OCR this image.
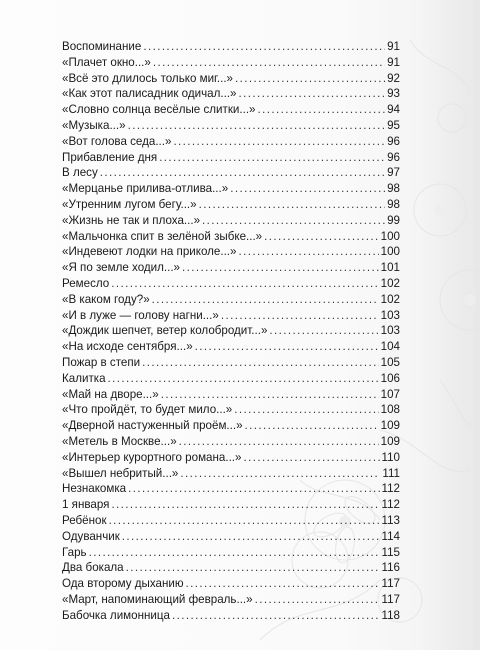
Воспоминание .....	91
«Плачет окно...» .....	91
«Всё это длилось только миг...» .....	92
«Как этот палисадник одичал...» .....	93
«Словно солнца весёлые слитки...» .....	94
«Музыка...» .....	95
«Вот голова седа...» .....	96
Прибавление дня .....	96
В лесу .....	97
«Мерцанье прилива-отлива...» .....	98
«Утренним лугом бегу...» .....	98
«Жизнь не так и плоха...» .....	99
«Мальчонка спит в зелёной зыбке...» .....	100
«Индевеют лодки на приколе...» .....	100
«Я по земле ходил...» .....	101
Ремесло .....	102
«В каком году?» .....	102
«И в луже — голову нагни...» .....	103
«Дождик шепчет, ветер колобродит...» .....	103
«На исходе сентября...» .....	104
Пожар в степи .....	105
Калитка .....	106
«Май на дворе...» .....	107
«Что пройдёт, то будет мило...» .....	108
«Дверной настуженный проём...» .....	109
«Метель в Москве...» .....	109
«Интерьер курортного романа...» .....	110
«Вышел небритый...» .....	111
Незнакомка .....	112
1 января .....	112
Ребёнок .....	113
Одуванчик .....	114
Гарь .....	115
Два бокала .....	116
Ода второму дыханию .....	117
«Март, напоминающий февраль...» .....	117
Бабочка лимонница .....	118
